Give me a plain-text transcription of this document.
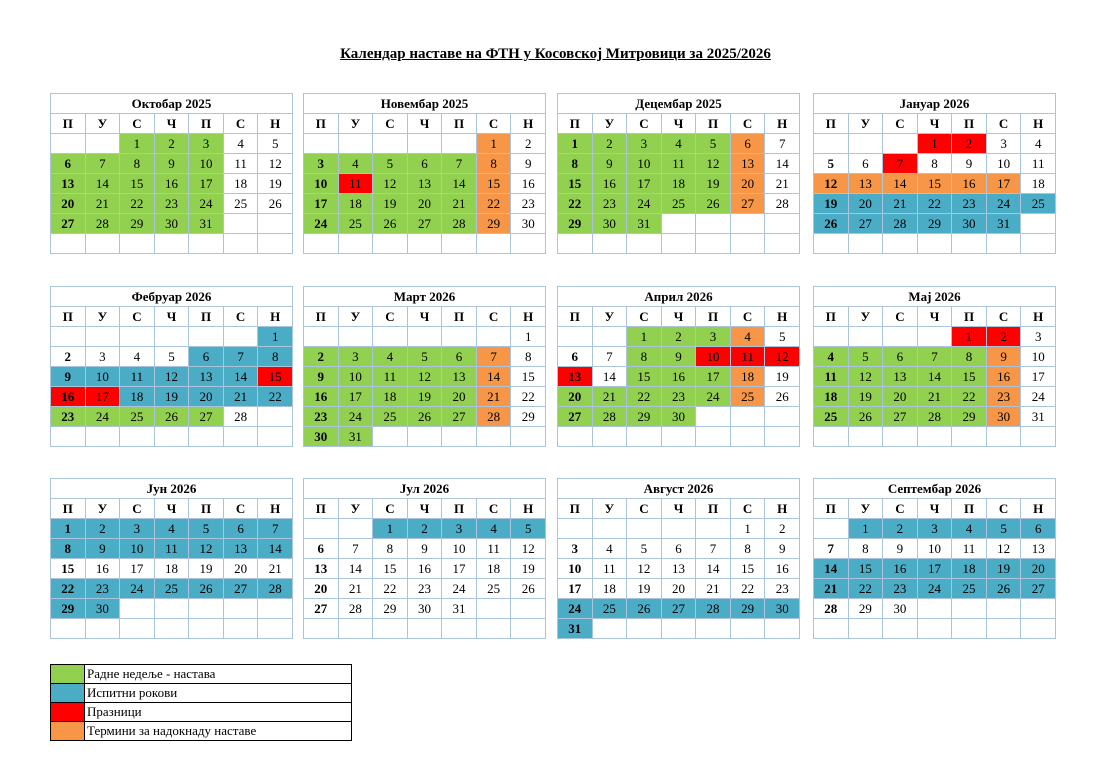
Календар наставе на ФТН у Косовској Митровици за 2025/2026
Октобар 2025						
П	У	С	Ч	П	С	Н
		1	2	3	4	5
6	7	8	9	10	11	12
13	14	15	16	17	18	19
20	21	22	23	24	25	26
27	28	29	30	31		

Новембар 2025						
П	У	С	Ч	П	С	Н
					1	2
3	4	5	6	7	8	9
10	11	12	13	14	15	16
17	18	19	20	21	22	23
24	25	26	27	28	29	30

Децембар 2025						
П	У	С	Ч	П	С	Н
1	2	3	4	5	6	7
8	9	10	11	12	13	14
15	16	17	18	19	20	21
22	23	24	25	26	27	28
29	30	31				

Јануар 2026						
П	У	С	Ч	П	С	Н
			1	2	3	4
5	6	7	8	9	10	11
12	13	14	15	16	17	18
19	20	21	22	23	24	25
26	27	28	29	30	31	

Фебруар 2026						
П	У	С	Ч	П	С	Н
						1
2	3	4	5	6	7	8
9	10	11	12	13	14	15
16	17	18	19	20	21	22
23	24	25	26	27	28	

Март 2026						
П	У	С	Ч	П	С	Н
						1
2	3	4	5	6	7	8
9	10	11	12	13	14	15
16	17	18	19	20	21	22
23	24	25	26	27	28	29
30	31					
Април 2026						
П	У	С	Ч	П	С	Н
		1	2	3	4	5
6	7	8	9	10	11	12
13	14	15	16	17	18	19
20	21	22	23	24	25	26
27	28	29	30			

Мај 2026						
П	У	С	Ч	П	С	Н
				1	2	3
4	5	6	7	8	9	10
11	12	13	14	15	16	17
18	19	20	21	22	23	24
25	26	27	28	29	30	31

Јун 2026						
П	У	С	Ч	П	С	Н
1	2	3	4	5	6	7
8	9	10	11	12	13	14
15	16	17	18	19	20	21
22	23	24	25	26	27	28
29	30					

Јул 2026						
П	У	С	Ч	П	С	Н
		1	2	3	4	5
6	7	8	9	10	11	12
13	14	15	16	17	18	19
20	21	22	23	24	25	26
27	28	29	30	31		

Август 2026						
П	У	С	Ч	П	С	Н
					1	2
3	4	5	6	7	8	9
10	11	12	13	14	15	16
17	18	19	20	21	22	23
24	25	26	27	28	29	30
31						
Септембар 2026						
П	У	С	Ч	П	С	Н
	1	2	3	4	5	6
7	8	9	10	11	12	13
14	15	16	17	18	19	20
21	22	23	24	25	26	27
28	29	30				

	Радне недеље - настава
	Испитни рокови
	Празници
	Термини за надокнаду наставе
